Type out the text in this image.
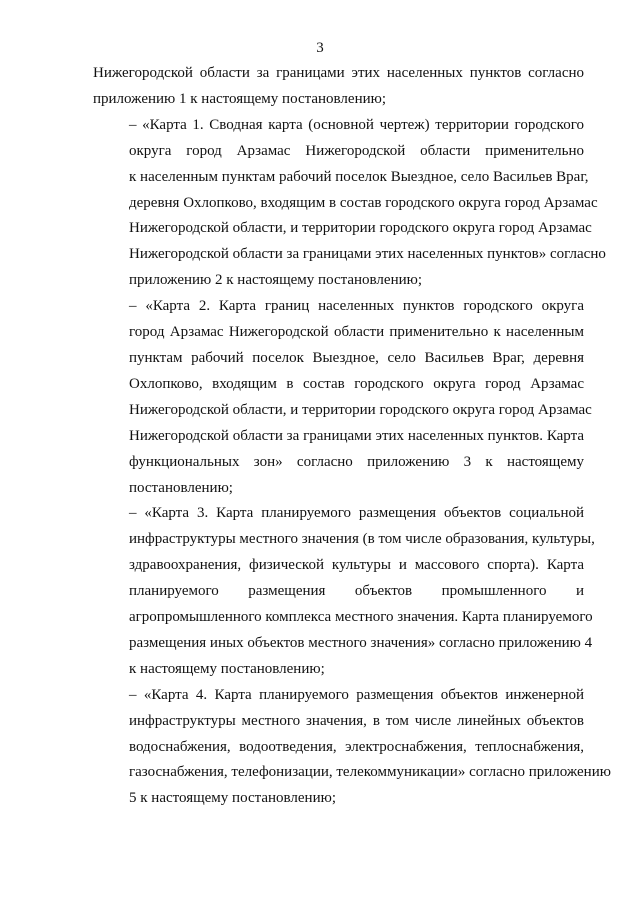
3

Нижегородской области за границами этих населенных пунктов согласно
приложению 1 к настоящему постановлению;

– «Карта 1. Сводная карта (основной чертеж) территории городского
округа город Арзамас Нижегородской области применительно
к населенным пунктам рабочий поселок Выездное, село Васильев Враг,
деревня Охлопково, входящим в состав городского округа город Арзамас
Нижегородской области, и территории городского округа город Арзамас
Нижегородской области за границами этих населенных пунктов» согласно
приложению 2 к настоящему постановлению;

– «Карта 2. Карта границ населенных пунктов городского округа
город Арзамас Нижегородской области применительно к населенным
пунктам рабочий поселок Выездное, село Васильев Враг, деревня
Охлопково, входящим в состав городского округа город Арзамас
Нижегородской области, и территории городского округа город Арзамас
Нижегородской области за границами этих населенных пунктов. Карта
функциональных зон» согласно приложению 3 к настоящему
постановлению;

– «Карта 3. Карта планируемого размещения объектов социальной
инфраструктуры местного значения (в том числе образования, культуры,
здравоохранения, физической культуры и массового спорта). Карта
планируемого размещения объектов промышленного и
агропромышленного комплекса местного значения. Карта планируемого
размещения иных объектов местного значения» согласно приложению 4
к настоящему постановлению;

– «Карта 4. Карта планируемого размещения объектов инженерной
инфраструктуры местного значения, в том числе линейных объектов
водоснабжения, водоотведения, электроснабжения, теплоснабжения,
газоснабжения, телефонизации, телекоммуникации» согласно приложению
5 к настоящему постановлению;
